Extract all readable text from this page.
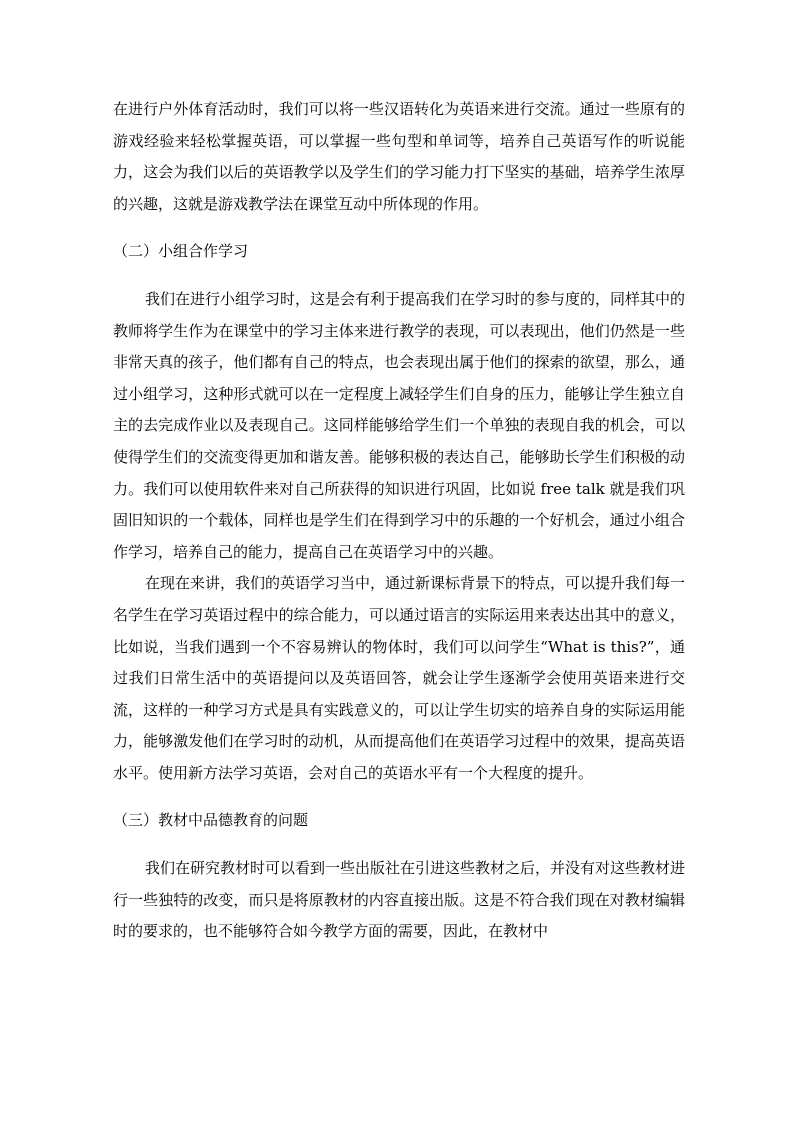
在进行户外体育活动时，我们可以将一些汉语转化为英语来进行交流。通过一些原有的游戏经验来轻松掌握英语，可以掌握一些句型和单词等，培养自己英语写作的听说能力，这会为我们以后的英语教学以及学生们的学习能力打下坚实的基础，培养学生浓厚的兴趣，这就是游戏教学法在课堂互动中所体现的作用。

（二）小组合作学习

我们在进行小组学习时，这是会有利于提高我们在学习时的参与度的，同样其中的教师将学生作为在课堂中的学习主体来进行教学的表现，可以表现出，他们仍然是一些非常天真的孩子，他们都有自己的特点，也会表现出属于他们的探索的欲望，那么，通过小组学习，这种形式就可以在一定程度上减轻学生们自身的压力，能够让学生独立自主的去完成作业以及表现自己。这同样能够给学生们一个单独的表现自我的机会，可以使得学生们的交流变得更加和谐友善。能够积极的表达自己，能够助长学生们积极的动力。我们可以使用软件来对自己所获得的知识进行巩固，比如说 free talk 就是我们巩固旧知识的一个载体，同样也是学生们在得到学习中的乐趣的一个好机会，通过小组合作学习，培养自己的能力，提高自己在英语学习中的兴趣。

在现在来讲，我们的英语学习当中，通过新课标背景下的特点，可以提升我们每一名学生在学习英语过程中的综合能力，可以通过语言的实际运用来表达出其中的意义，比如说，当我们遇到一个不容易辨认的物体时，我们可以问学生“What is this?”，通过我们日常生活中的英语提问以及英语回答，就会让学生逐渐学会使用英语来进行交流，这样的一种学习方式是具有实践意义的，可以让学生切实的培养自身的实际运用能力，能够激发他们在学习时的动机，从而提高他们在英语学习过程中的效果，提高英语水平。使用新方法学习英语，会对自己的英语水平有一个大程度的提升。

（三）教材中品德教育的问题

我们在研究教材时可以看到一些出版社在引进这些教材之后，并没有对这些教材进行一些独特的改变，而只是将原教材的内容直接出版。这是不符合我们现在对教材编辑时的要求的，也不能够符合如今教学方面的需要，因此，在教材中
